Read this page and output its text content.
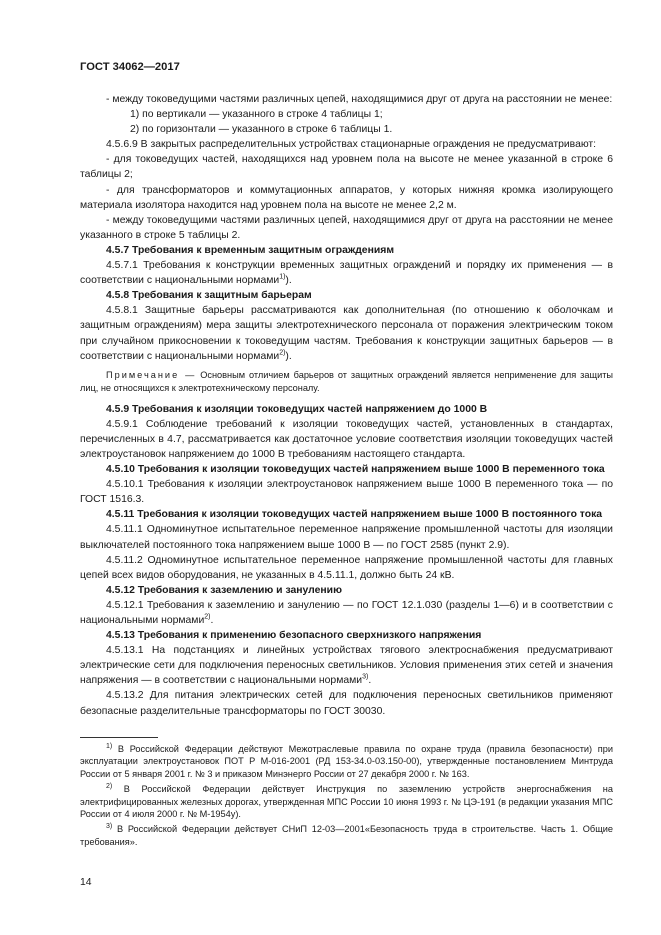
ГОСТ 34062—2017

- между токоведущими частями различных цепей, находящимися друг от друга на расстоянии не менее:

1) по вертикали — указанного в строке 4 таблицы 1;

2) по горизонтали — указанного в строке 6 таблицы 1.

4.5.6.9 В закрытых распределительных устройствах стационарные ограждения не предусматривают:

- для токоведущих частей, находящихся над уровнем пола на высоте не менее указанной в строке 6 таблицы 2;

- для трансформаторов и коммутационных аппаратов, у которых нижняя кромка изолирующего материала изолятора находится над уровнем пола на высоте не менее 2,2 м.

- между токоведущими частями различных цепей, находящимися друг от друга на расстоянии не менее указанного в строке 5 таблицы 2.

4.5.7 Требования к временным защитным ограждениям

4.5.7.1 Требования к конструкции временных защитных ограждений и порядку их применения — в соответствии с национальными нормами$^{1)}$).

4.5.8 Требования к защитным барьерам

4.5.8.1 Защитные барьеры рассматриваются как дополнительная (по отношению к оболочкам и защитным ограждениям) мера защиты электротехнического персонала от поражения электрическим током при случайном прикосновении к токоведущим частям. Требования к конструкции защитных барьеров — в соответствии с национальными нормами$^{2)}$).

Примечание — Основным отличием барьеров от защитных ограждений является неприменение для защиты лиц, не относящихся к электротехническому персоналу.

4.5.9 Требования к изоляции токоведущих частей напряжением до 1000 В

4.5.9.1 Соблюдение требований к изоляции токоведущих частей, установленных в стандартах, перечисленных в 4.7, рассматривается как достаточное условие соответствия изоляции токоведущих частей электроустановок напряжением до 1000 В требованиям настоящего стандарта.

4.5.10 Требования к изоляции токоведущих частей напряжением выше 1000 В переменного тока

4.5.10.1 Требования к изоляции электроустановок напряжением выше 1000 В переменного тока — по ГОСТ 1516.3.

4.5.11 Требования к изоляции токоведущих частей напряжением выше 1000 В постоянного тока

4.5.11.1 Одноминутное испытательное переменное напряжение промышленной частоты для изоляции выключателей постоянного тока напряжением выше 1000 В — по ГОСТ 2585 (пункт 2.9).

4.5.11.2 Одноминутное испытательное переменное напряжение промышленной частоты для главных цепей всех видов оборудования, не указанных в 4.5.11.1, должно быть 24 кВ.

4.5.12 Требования к заземлению и занулению

4.5.12.1 Требования к заземлению и занулению — по ГОСТ 12.1.030 (разделы 1—6) и в соответствии с национальными нормами$^{2)}$.

4.5.13 Требования к применению безопасного сверхнизкого напряжения

4.5.13.1 На подстанциях и линейных устройствах тягового электроснабжения предусматривают электрические сети для подключения переносных светильников. Условия применения этих сетей и значения напряжения — в соответствии с национальными нормами$^{3)}$.

4.5.13.2 Для питания электрических сетей для подключения переносных светильников применяют безопасные разделительные трансформаторы по ГОСТ 30030.

$^{1)}$ В Российской Федерации действуют Межотраслевые правила по охране труда (правила безопасности) при эксплуатации электроустановок ПОТ Р М-016-2001 (РД 153-34.0-03.150-00), утвержденные постановлением Минтруда России от 5 января 2001 г. № 3 и приказом Минэнерго России от 27 декабря 2000 г. № 163.

$^{2)}$ В Российской Федерации действует Инструкция по заземлению устройств энергоснабжения на электрифицированных железных дорогах, утвержденная МПС России 10 июня 1993 г. № ЦЭ-191 (в редакции указания МПС России от 4 июля 2000 г. № М-1954у).

$^{3)}$ В Российской Федерации действует СНиП 12-03—2001«Безопасность труда в строительстве. Часть 1. Общие требования».

14
